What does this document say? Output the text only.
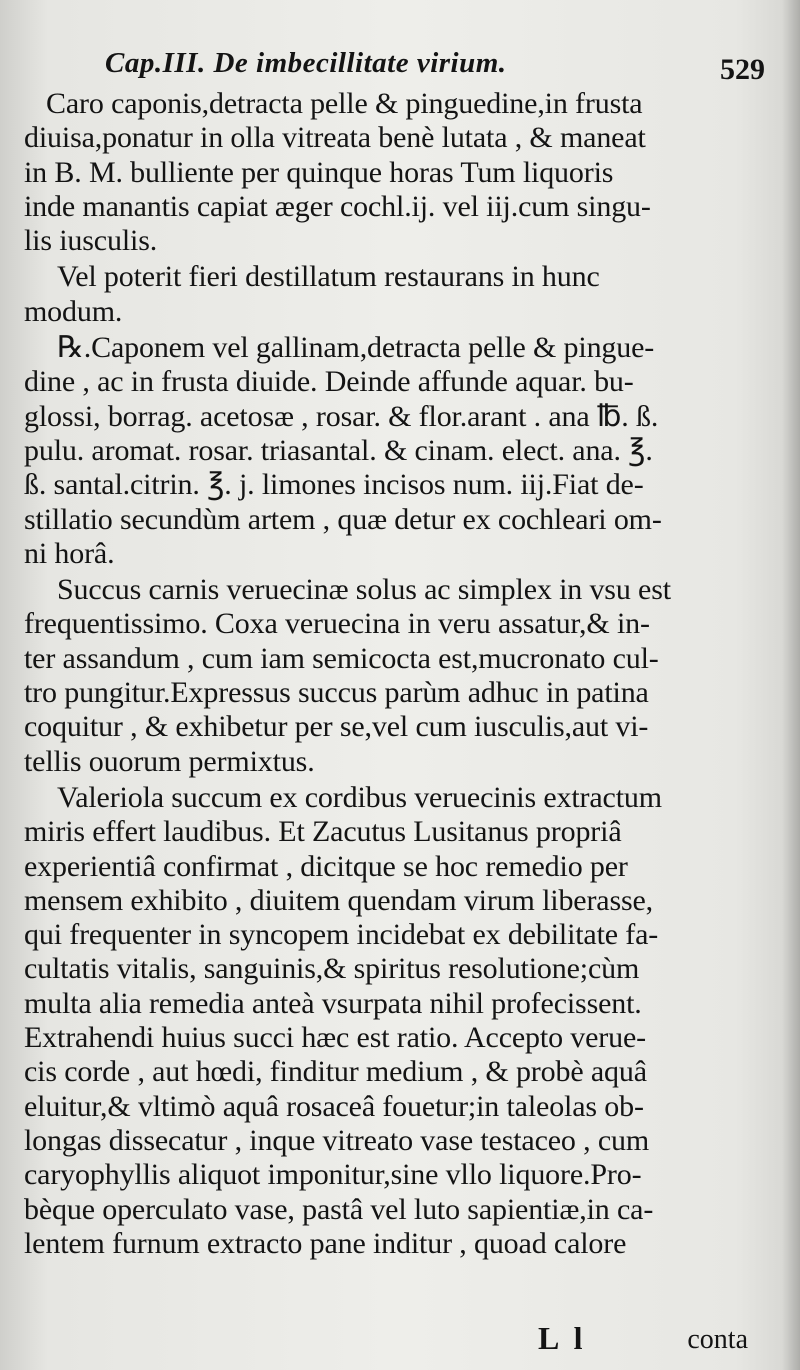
Cap.III. De imbecillitate virium.	529
Caro caponis,detracta pelle & pinguedine,in frusta
diuisa,ponatur in olla vitreata benè lutata , & maneat
in B. M. bulliente per quinque horas Tum liquoris
inde manantis capiat æger cochl.ij. vel iij.cum singu-
lis iusculis.
Vel poterit fieri destillatum restaurans in hunc
modum.
℞.Caponem vel gallinam,detracta pelle & pingue-
dine , ac in frusta diuide. Deinde affunde aquar. bu-
glossi, borrag. acetosæ , rosar. & flor.arant . ana ℔. ß.
pulu. aromat. rosar. triasantal. & cinam. elect. ana. ℥.
ß. santal.citrin. ℥. j. limones incisos num. iij.Fiat de-
stillatio secundùm artem , quæ detur ex cochleari om-
ni horâ.
Succus carnis veruecinæ solus ac simplex in vsu est
frequentissimo. Coxa veruecina in veru assatur,& in-
ter assandum , cum iam semicocta est,mucronato cul-
tro pungitur.Expressus succus parùm adhuc in patina
coquitur , & exhibetur per se,vel cum iusculis,aut vi-
tellis ouorum permixtus.
Valeriola succum ex cordibus veruecinis extractum
miris effert laudibus. Et Zacutus Lusitanus propriâ
experientiâ confirmat , dicitque se hoc remedio per
mensem exhibito , diuitem quendam virum liberasse,
qui frequenter in syncopem incidebat ex debilitate fa-
cultatis vitalis, sanguinis,& spiritus resolutione;cùm
multa alia remedia anteà vsurpata nihil profecissent.
Extrahendi huius succi hæc est ratio. Accepto verue-
cis corde , aut hœdi, finditur medium , & probè aquâ
eluitur,& vltimò aquâ rosaceâ fouetur;in taleolas ob-
longas dissecatur , inque vitreato vase testaceo , cum
caryophyllis aliquot imponitur,sine vllo liquore.Pro-
bèque operculato vase, pastâ vel luto sapientiæ,in ca-
lentem furnum extracto pane inditur , quoad calore
L l	conta
